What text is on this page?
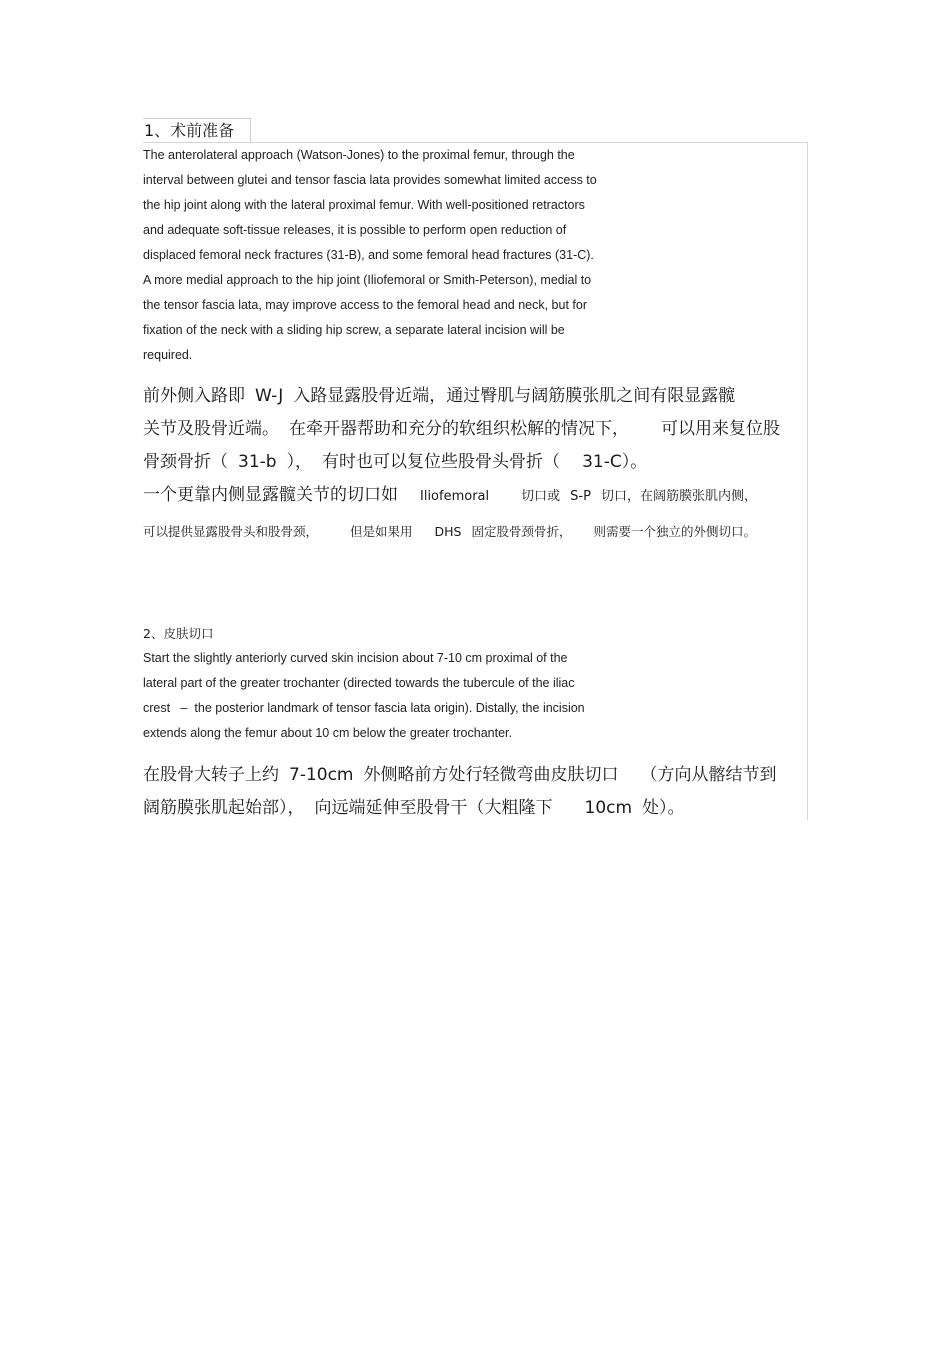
1、术前准备
The anterolateral approach (Watson-Jones) to the proximal femur, through the
interval between glutei and tensor fascia lata provides somewhat limited access to
the hip joint along with the lateral proximal femur. With well-positioned retractors
and adequate soft-tissue releases, it is possible to perform open reduction of
displaced femoral neck fractures (31-B), and some femoral head fractures (31-C).
A more medial approach to the hip joint (Iliofemoral or Smith-Peterson), medial to
the tensor fascia lata, may improve access to the femoral head and neck, but for
fixation of the neck with a sliding hip screw, a separate lateral incision will be
required.
前外侧入路即 W-J 入路显露股骨近端，通过臀肌与阔筋膜张肌之间有限显露髋
关节及股骨近端。 在牵开器帮助和充分的软组织松解的情况下， 可以用来复位股
骨颈骨折（ 31-b ）， 有时也可以复位些股骨头骨折（ 31-C）。
一个更靠内侧显露髋关节的切口如 Iliofemoral 切口或 S-P 切口，在阔筋膜张肌内侧，
可以提供显露股骨头和股骨颈，	但是如果用 DHS 固定股骨颈骨折， 则需要一个独立的外侧切口。
2、皮肤切口
Start the slightly anteriorly curved skin incision about 7-10 cm proximal of the
lateral part of the greater trochanter (directed towards the tubercule of the iliac
crest   –  the posterior landmark of tensor fascia lata origin). Distally, the incision
extends along the femur about 10 cm below the greater trochanter.
在股骨大转子上约 7-10cm 外侧略前方处行轻微弯曲皮肤切口 （方向从髂结节到
阔筋膜张肌起始部）， 向远端延伸至股骨干（大粗隆下 10cm 处）。
